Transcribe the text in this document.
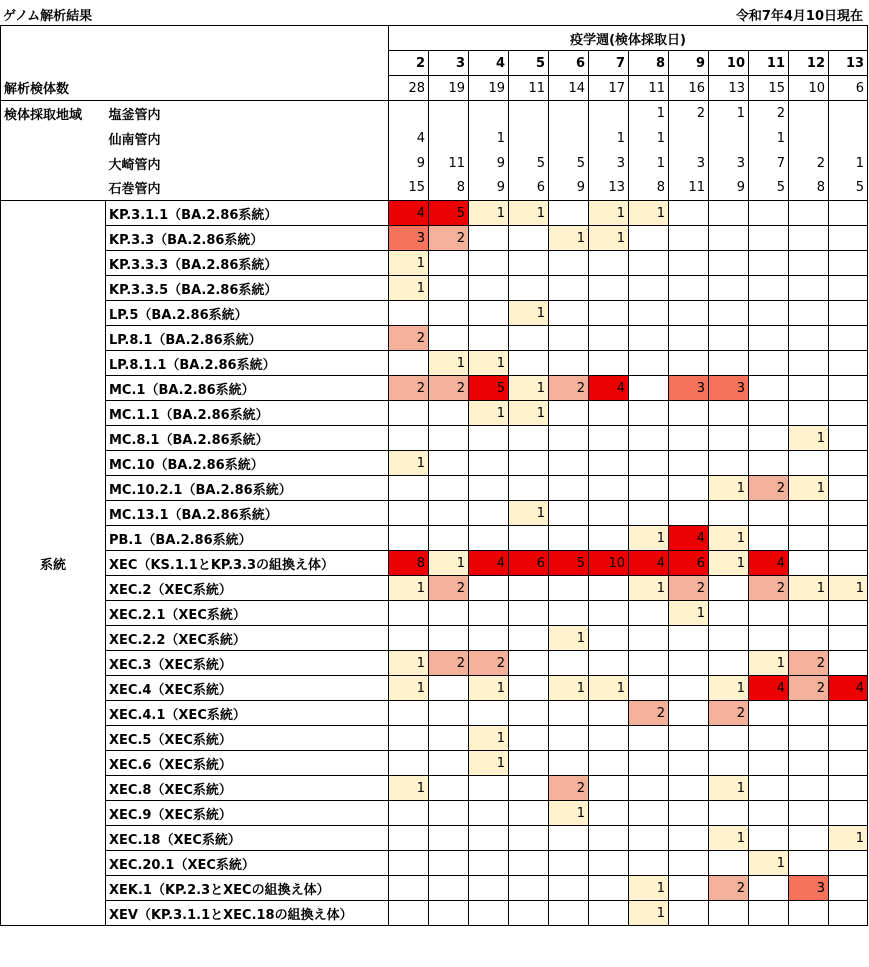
ゲノム解析結果	令和7年4月10日現在
		疫学週(検体採取日)											
		2	3	4	5	6	7	8	9	10	11	12	13
解析検体数		28	19	19	11	14	17	11	16	13	15	10	6
検体採取地域	塩釜管内							1	2	1	2		
	仙南管内	4		1			1	1			1		
	大崎管内	9	11	9	5	5	3	1	3	3	7	2	1
	石巻管内	15	8	9	6	9	13	8	11	9	5	8	5
系統	KP.3.1.1（BA.2.86系統）	4	5	1	1		1	1					
	KP.3.3（BA.2.86系統）	3	2			1	1						
	KP.3.3.3（BA.2.86系統）	1											
	KP.3.3.5（BA.2.86系統）	1											
	LP.5（BA.2.86系統）				1								
	LP.8.1（BA.2.86系統）	2											
	LP.8.1.1（BA.2.86系統）		1	1									
	MC.1（BA.2.86系統）	2	2	5	1	2	4		3	3			
	MC.1.1（BA.2.86系統）			1	1								
	MC.8.1（BA.2.86系統）											1	
	MC.10（BA.2.86系統）	1											
	MC.10.2.1（BA.2.86系統）									1	2	1	
	MC.13.1（BA.2.86系統）				1								
	PB.1（BA.2.86系統）							1	4	1			
	XEC（KS.1.1とKP.3.3の組換え体）	8	1	4	6	5	10	4	6	1	4		
	XEC.2（XEC系統）	1	2					1	2		2	1	1
	XEC.2.1（XEC系統）								1				
	XEC.2.2（XEC系統）					1							
	XEC.3（XEC系統）	1	2	2							1	2	
	XEC.4（XEC系統）	1		1		1	1			1	4	2	4
	XEC.4.1（XEC系統）							2		2			
	XEC.5（XEC系統）			1									
	XEC.6（XEC系統）			1									
	XEC.8（XEC系統）	1				2				1			
	XEC.9（XEC系統）					1							
	XEC.18（XEC系統）									1			1
	XEC.20.1（XEC系統）										1		
	XEK.1（KP.2.3とXECの組換え体）							1		2		3	
	XEV（KP.3.1.1とXEC.18の組換え体）							1					
